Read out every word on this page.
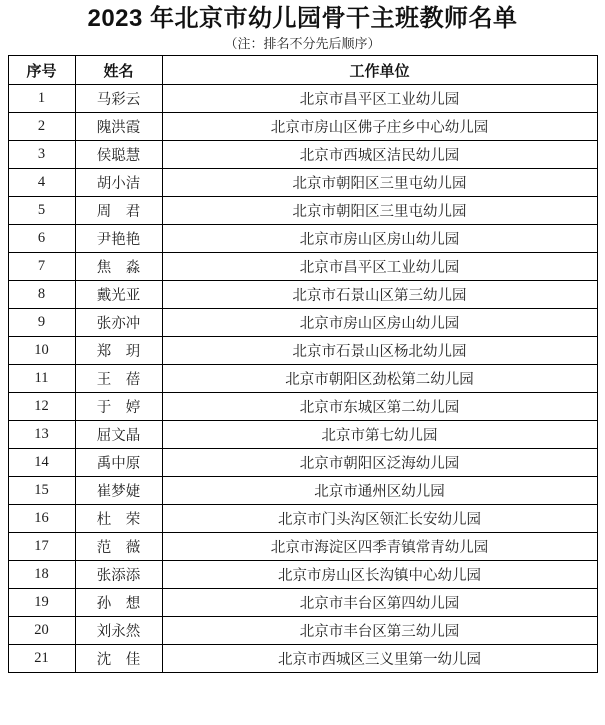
2023 年北京市幼儿园骨干主班教师名单
（注：排名不分先后顺序）
序号	姓名	工作单位
1	马彩云	北京市昌平区工业幼儿园
2	隗洪霞	北京市房山区佛子庄乡中心幼儿园
3	侯聪慧	北京市西城区洁民幼儿园
4	胡小洁	北京市朝阳区三里屯幼儿园
5	周　君	北京市朝阳区三里屯幼儿园
6	尹艳艳	北京市房山区房山幼儿园
7	焦　淼	北京市昌平区工业幼儿园
8	戴光亚	北京市石景山区第三幼儿园
9	张亦冲	北京市房山区房山幼儿园
10	郑　玥	北京市石景山区杨北幼儿园
11	王　蓓	北京市朝阳区劲松第二幼儿园
12	于　婷	北京市东城区第二幼儿园
13	屈文晶	北京市第七幼儿园
14	禹中原	北京市朝阳区泛海幼儿园
15	崔梦婕	北京市通州区幼儿园
16	杜　荣	北京市门头沟区领汇长安幼儿园
17	范　薇	北京市海淀区四季青镇常青幼儿园
18	张添添	北京市房山区长沟镇中心幼儿园
19	孙　想	北京市丰台区第四幼儿园
20	刘永然	北京市丰台区第三幼儿园
21	沈　佳	北京市西城区三义里第一幼儿园
